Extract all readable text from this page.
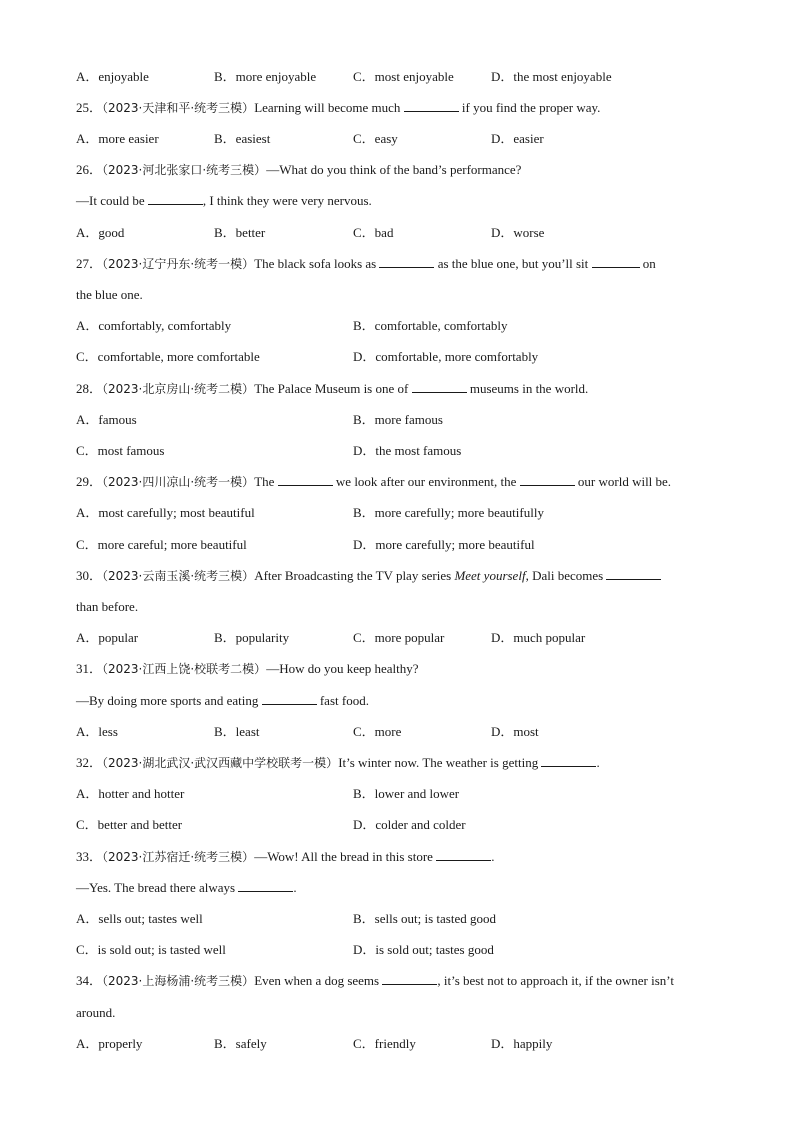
A．enjoyable	B．more enjoyable	C．most enjoyable	D．the most enjoyable
25．（2023·天津和平·统考三模）Learning will become much	if you find the proper way.
A．more easier	B．easiest	C．easy	D．easier
26．（2023·河北张家口·统考三模）—What do you think of the band’s performance?
—It could be	, I think they were very nervous.
A．good	B．better	C．bad	D．worse
27．（2023·辽宁丹东·统考一模）The black sofa looks as	as the blue one, but you’ll sit	on
the blue one.
A．comfortably, comfortably	B．comfortable, comfortably
C．comfortable, more comfortable	D．comfortable, more comfortably
28．（2023·北京房山·统考二模）The Palace Museum is one of	museums in the world.
A．famous	B．more famous
C．most famous	D．the most famous
29．（2023·四川凉山·统考一模）The	we look after our environment, the	our world will be.
A．most carefully; most beautiful	B．more carefully; more beautifully
C．more careful; more beautiful	D．more carefully; more beautiful
30．（2023·云南玉溪·统考三模）After Broadcasting the TV play series Meet yourself, Dali becomes
than before.
A．popular	B．popularity	C．more popular	D．much popular
31．（2023·江西上饶·校联考二模）—How do you keep healthy?
—By doing more sports and eating	fast food.
A．less	B．least	C．more	D．most
32．（2023·湖北武汉·武汉西藏中学校联考一模）It’s winter now. The weather is getting	.
A．hotter and hotter	B．lower and lower
C．better and better	D．colder and colder
33．（2023·江苏宿迁·统考三模）—Wow! All the bread in this store	.
—Yes. The bread there always	.
A．sells out; tastes well	B．sells out; is tasted good
C．is sold out; is tasted well	D．is sold out; tastes good
34．（2023·上海杨浦·统考三模）Even when a dog seems	, it’s best not to approach it, if the owner isn’t
around.
A．properly	B．safely	C．friendly	D．happily
